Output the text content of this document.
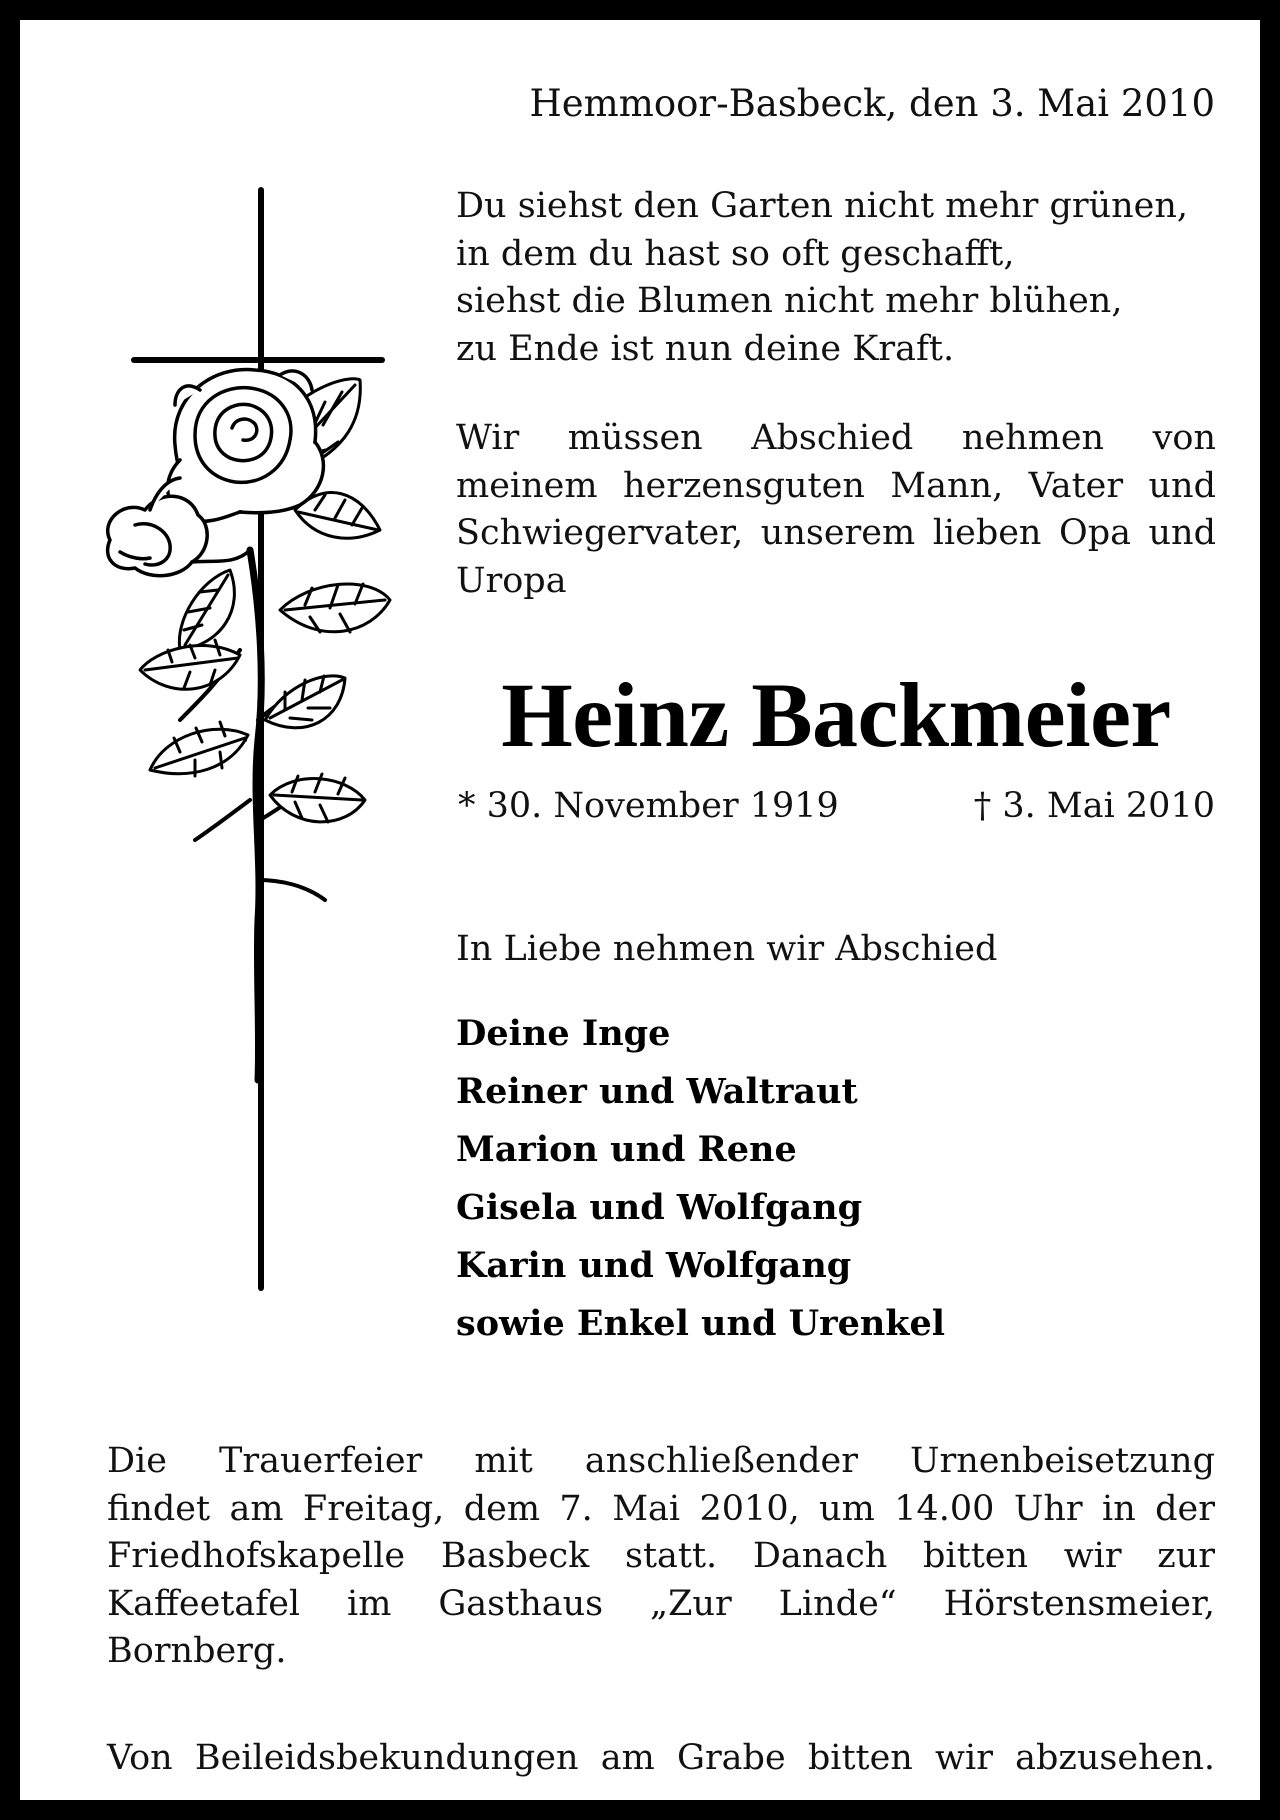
Hemmoor-Basbeck, den 3. Mai 2010
Du siehst den Garten nicht mehr grünen,
in dem du hast so oft geschafft,
siehst die Blumen nicht mehr blühen,
zu Ende ist nun deine Kraft.
Wir müssen Abschied nehmen von meinem herzensguten Mann, Vater und Schwiegervater, unserem lieben Opa und Uropa
Heinz Backmeier
* 30. November 1919	† 3. Mai 2010
In Liebe nehmen wir Abschied
Deine Inge
Reiner und Waltraut
Marion und Rene
Gisela und Wolfgang
Karin und Wolfgang
sowie Enkel und Urenkel
Die Trauerfeier mit anschließender Urnenbeisetzung
findet am Freitag, dem 7. Mai 2010, um 14.00 Uhr in der
Friedhofskapelle Basbeck statt. Danach bitten wir zur
Kaffeetafel im Gasthaus „Zur Linde“ Hörstensmeier,
Bornberg.
Von Beileidsbekundungen am Grabe bitten wir abzusehen.
